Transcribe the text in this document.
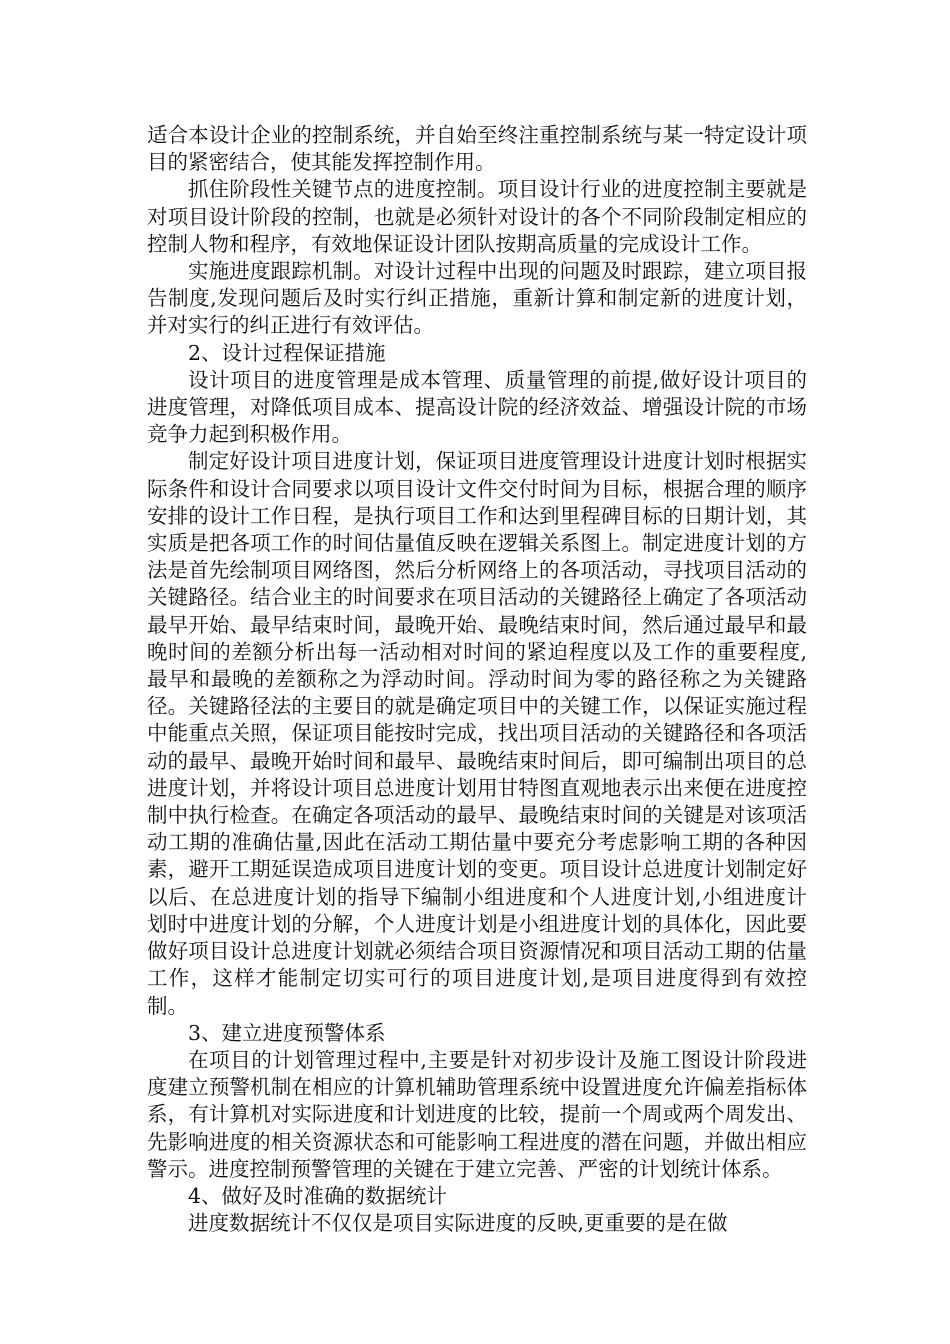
适合本设计企业的控制系统，并自始至终注重控制系统与某一特定设计项目的紧密结合，使其能发挥控制作用。

抓住阶段性关键节点的进度控制。项目设计行业的进度控制主要就是对项目设计阶段的控制，也就是必须针对设计的各个不同阶段制定相应的控制人物和程序，有效地保证设计团队按期高质量的完成设计工作。

实施进度跟踪机制。对设计过程中出现的问题及时跟踪，建立项目报告制度,发现问题后及时实行纠正措施，重新计算和制定新的进度计划，并对实行的纠正进行有效评估。

2、设计过程保证措施

设计项目的进度管理是成本管理、质量管理的前提,做好设计项目的进度管理，对降低项目成本、提高设计院的经济效益、增强设计院的市场竞争力起到积极作用。

制定好设计项目进度计划，保证项目进度管理设计进度计划时根据实际条件和设计合同要求以项目设计文件交付时间为目标，根据合理的顺序安排的设计工作日程，是执行项目工作和达到里程碑目标的日期计划，其实质是把各项工作的时间估量值反映在逻辑关系图上。制定进度计划的方法是首先绘制项目网络图，然后分析网络上的各项活动，寻找项目活动的关键路径。结合业主的时间要求在项目活动的关键路径上确定了各项活动最早开始、最早结束时间，最晚开始、最晚结束时间，然后通过最早和最晚时间的差额分析出每一活动相对时间的紧迫程度以及工作的重要程度,最早和最晚的差额称之为浮动时间。浮动时间为零的路径称之为关键路径。关键路径法的主要目的就是确定项目中的关键工作，以保证实施过程中能重点关照，保证项目能按时完成，找出项目活动的关键路径和各项活动的最早、最晚开始时间和最早、最晚结束时间后，即可编制出项目的总进度计划，并将设计项目总进度计划用甘特图直观地表示出来便在进度控制中执行检查。在确定各项活动的最早、最晚结束时间的关键是对该项活动工期的准确估量,因此在活动工期估量中要充分考虑影响工期的各种因素，避开工期延误造成项目进度计划的变更。项目设计总进度计划制定好以后、在总进度计划的指导下编制小组进度和个人进度计划,小组进度计划时中进度计划的分解，个人进度计划是小组进度计划的具体化，因此要做好项目设计总进度计划就必须结合项目资源情况和项目活动工期的估量工作，这样才能制定切实可行的项目进度计划,是项目进度得到有效控制。

3、建立进度预警体系

在项目的计划管理过程中,主要是针对初步设计及施工图设计阶段进度建立预警机制在相应的计算机辅助管理系统中设置进度允许偏差指标体系，有计算机对实际进度和计划进度的比较，提前一个周或两个周发出、先影响进度的相关资源状态和可能影响工程进度的潜在问题，并做出相应警示。进度控制预警管理的关键在于建立完善、严密的计划统计体系。

4、做好及时准确的数据统计

进度数据统计不仅仅是项目实际进度的反映,更重要的是在做
